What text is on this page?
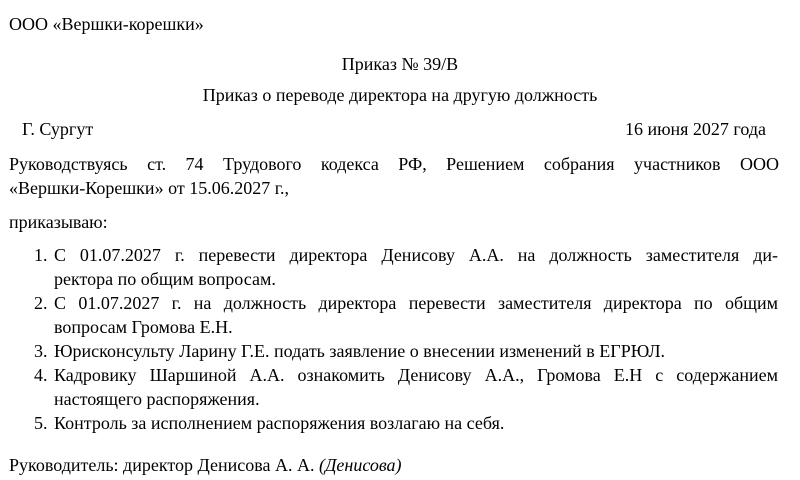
ООО «Вершки-корешки»
Приказ № 39/В
Приказ о переводе директора на другую должность
Г. Сургут	16 июня 2027 года
Руководствуясь ст. 74 Трудового кодекса РФ, Решением собрания участников ООО
«Вершки-Корешки» от 15.06.2027 г.,
приказываю:
1. С 01.07.2027 г. перевести директора Денисову А.А. на должность заместителя ди-
ректора по общим вопросам.
2. С 01.07.2027 г. на должность директора перевести заместителя директора по общим
вопросам Громова Е.Н.
3. Юрисконсульту Ларину Г.Е. подать заявление о внесении изменений в ЕГРЮЛ.
4. Кадровику Шаршиной А.А. ознакомить Денисову А.А., Громова Е.Н с содержанием
настоящего распоряжения.
5. Контроль за исполнением распоряжения возлагаю на себя.
Руководитель: директор Денисова А. А. (Денисова)
